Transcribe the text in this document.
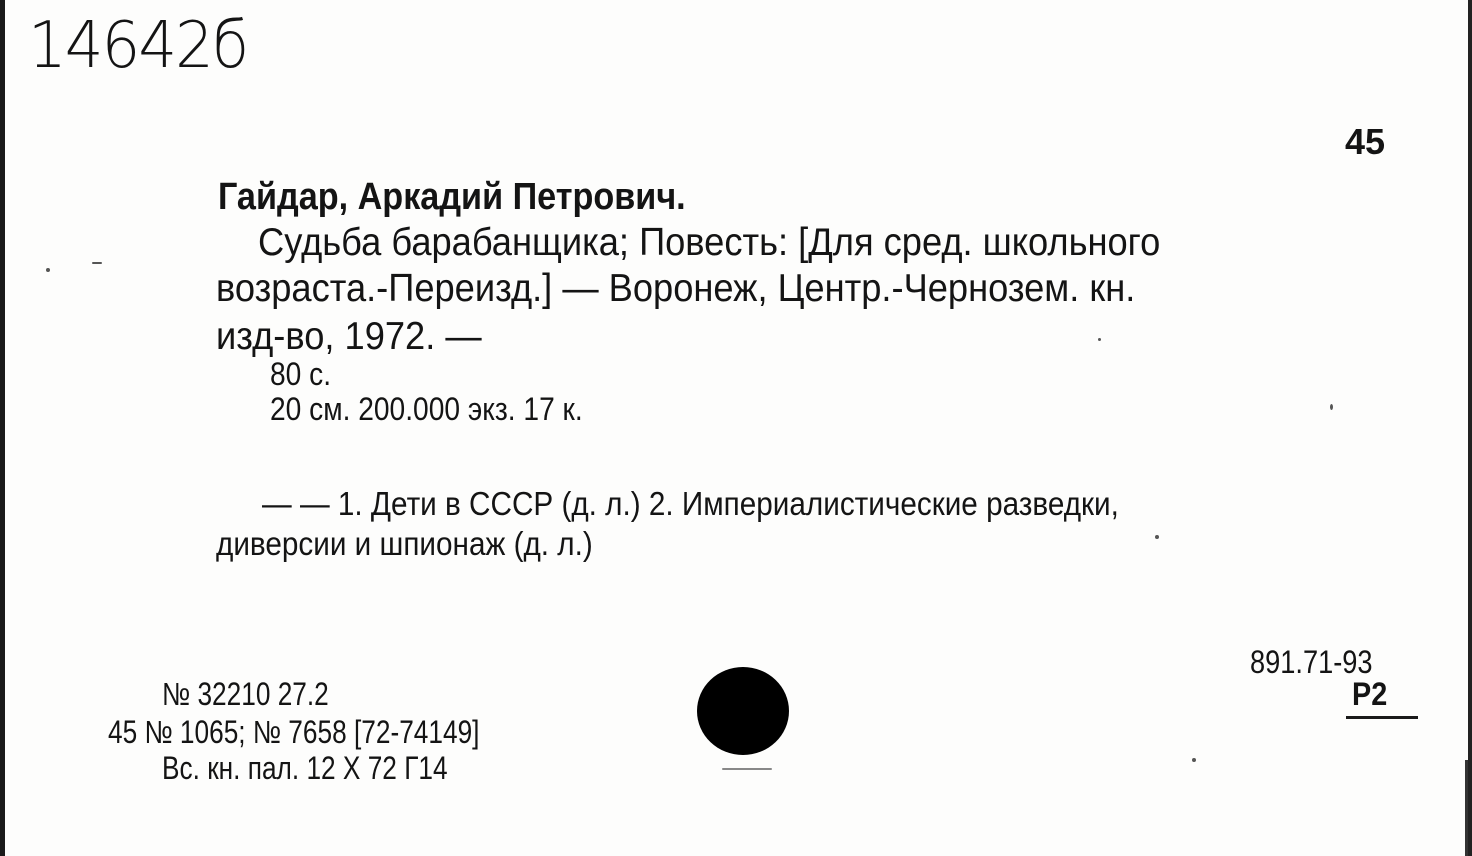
14642б
45
Гайдар, Аркадий Петрович.
Судьба барабанщика; Повесть: [Для сред. школьного
возраста.-Переизд.] — Воронеж, Центр.-Чернозем. кн.
изд-во, 1972. —
80 с.
20 см. 200.000 экз. 17 к.
— — 1. Дети в СССР (д. л.) 2. Империалистические разведки,
диверсии и шпионаж (д. л.)
№ 32210 27.2
45 № 1065; № 7658 [72-74149]
Вс. кн. пал. 12 X 72 Г14
891.71-93
Р2
